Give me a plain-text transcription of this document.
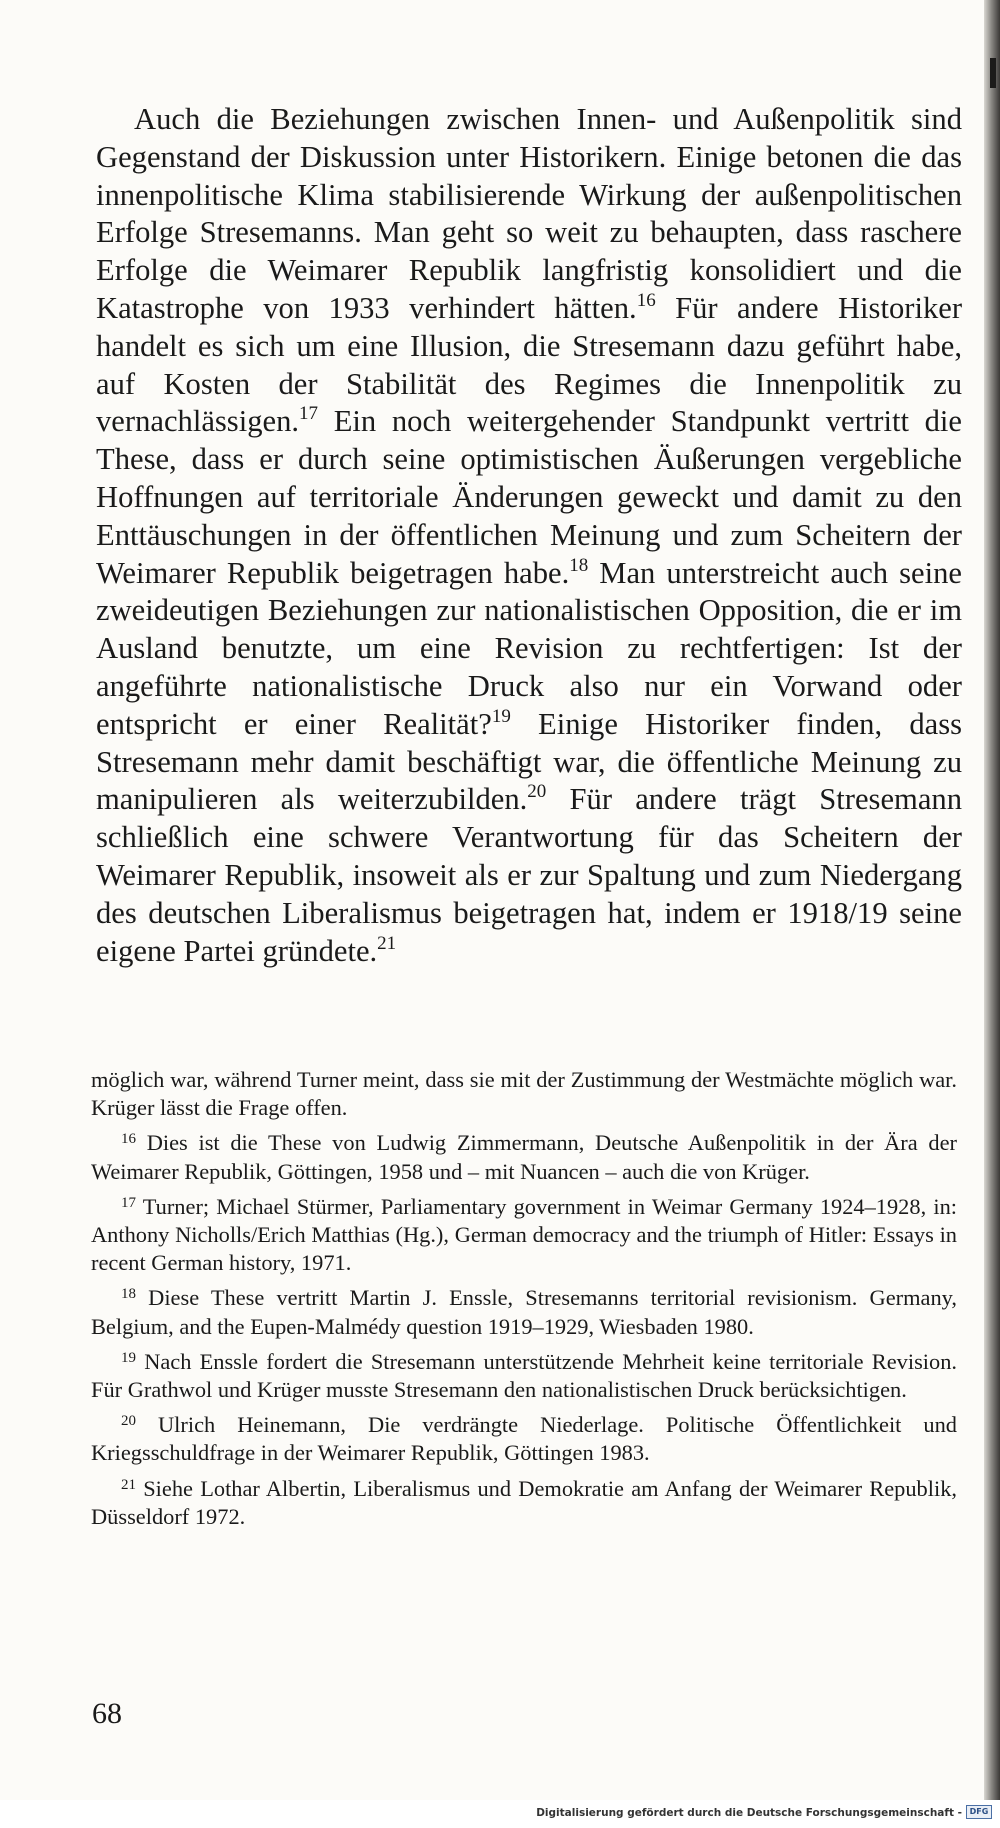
Auch die Beziehungen zwischen Innen- und Außenpolitik sind Gegenstand der Diskussion unter Historikern. Einige betonen die das innenpolitische Klima stabilisierende Wirkung der außenpolitischen Erfolge Stresemanns. Man geht so weit zu behaupten, dass raschere Erfolge die Weimarer Republik langfristig konsolidiert und die Katastrophe von 1933 verhindert hätten.$^{16}$ Für andere Historiker handelt es sich um eine Illusion, die Stresemann dazu geführt habe, auf Kosten der Stabilität des Regimes die Innenpolitik zu vernachlässigen.$^{17}$ Ein noch weitergehender Standpunkt vertritt die These, dass er durch seine optimistischen Äußerungen vergebliche Hoffnungen auf territoriale Änderungen geweckt und damit zu den Enttäuschungen in der öffentlichen Meinung und zum Scheitern der Weimarer Republik beigetragen habe.$^{18}$ Man unterstreicht auch seine zweideutigen Beziehungen zur nationalistischen Opposition, die er im Ausland benutzte, um eine Revision zu rechtfertigen: Ist der angeführte nationalistische Druck also nur ein Vorwand oder entspricht er einer Realität?$^{19}$ Einige Historiker finden, dass Stresemann mehr damit beschäftigt war, die öffentliche Meinung zu manipulieren als weiterzubilden.$^{20}$ Für andere trägt Stresemann schließlich eine schwere Verantwortung für das Scheitern der Weimarer Republik, insoweit als er zur Spaltung und zum Niedergang des deutschen Liberalismus beigetragen hat, indem er 1918/19 seine eigene Partei gründete.$^{21}$

möglich war, während Turner meint, dass sie mit der Zustimmung der Westmächte möglich war. Krüger lässt die Frage offen.

$^{16}$ Dies ist die These von Ludwig Zimmermann, Deutsche Außenpolitik in der Ära der Weimarer Republik, Göttingen, 1958 und – mit Nuancen – auch die von Krüger.

$^{17}$ Turner; Michael Stürmer, Parliamentary government in Weimar Germany 1924–1928, in: Anthony Nicholls/Erich Matthias (Hg.), German democracy and the triumph of Hitler: Essays in recent German history, 1971.

$^{18}$ Diese These vertritt Martin J. Enssle, Stresemanns territorial revisionism. Germany, Belgium, and the Eupen-Malmédy question 1919–1929, Wiesbaden 1980.

$^{19}$ Nach Enssle fordert die Stresemann unterstützende Mehrheit keine territoriale Revision. Für Grathwol und Krüger musste Stresemann den nationalistischen Druck berücksichtigen.

$^{20}$ Ulrich Heinemann, Die verdrängte Niederlage. Politische Öffentlichkeit und Kriegsschuldfrage in der Weimarer Republik, Göttingen 1983.

$^{21}$ Siehe Lothar Albertin, Liberalismus und Demokratie am Anfang der Weimarer Republik, Düsseldorf 1972.

68
Digitalisierung gefördert durch die Deutsche Forschungsgemeinschaft - DFG
